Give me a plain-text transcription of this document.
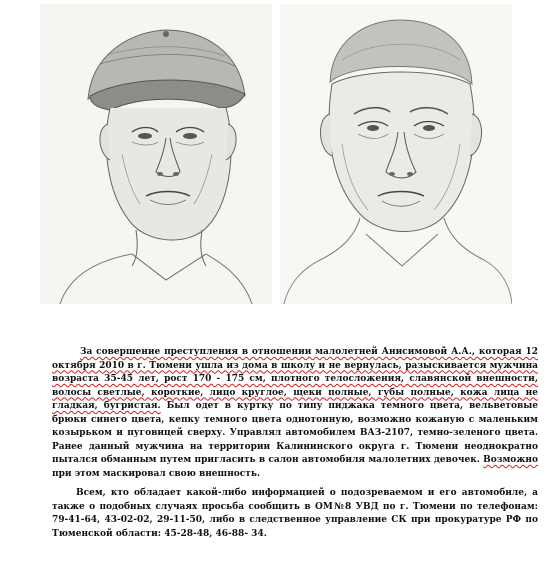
За совершение преступления в отношении малолетней Анисимовой А.А., которая 12 октября 2010 в г. Тюмени ушла из дома в школу и не вернулась, разыскивается мужчина возраста 35-45 лет, рост 170 - 175 см, плотного телосложения, славянской внешности, волосы светлые, короткие, лицо круглое, щеки полные, губы полные, кожа лица не гладкая, бугристая. Был одет в куртку по типу пиджака темного цвета, вельветовые брюки синего цвета, кепку темного цвета однотонную, возможно кожаную с маленьким козырьком и пуговицей сверху. Управлял автомобилем ВАЗ-2107, темно-зеленого цвета. Ранее данный мужчина на территории Калининского округа г. Тюмени неоднократно пытался обманным путем пригласить в салон автомобиля малолетних девочек. Возможно при этом маскировал свою внешность.

Всем, кто обладает какой-либо информацией о подозреваемом и его автомобиле, а также о подобных случаях просьба сообщить в ОМ№8 УВД по г. Тюмени по телефонам: 79-41-64, 43-02-02, 29-11-50, либо в следственное управление СК при прокуратуре РФ по Тюменской области: 45-28-48, 46-88- 34.
